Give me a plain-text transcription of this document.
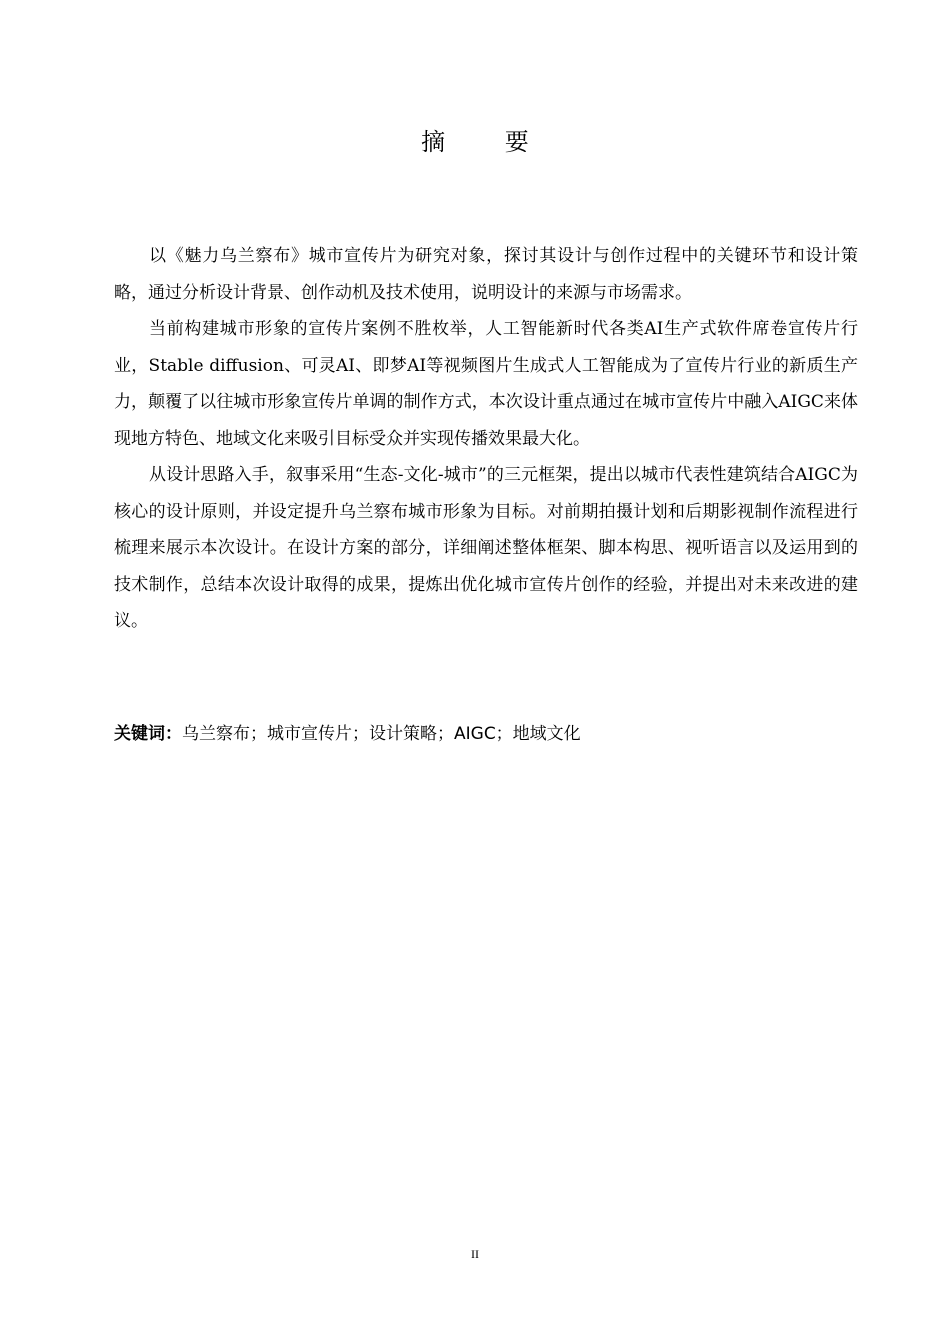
摘 要

以《魅力乌兰察布》城市宣传片为研究对象，探讨其设计与创作过程中的关键环节和设计策略，通过分析设计背景、创作动机及技术使用，说明设计的来源与市场需求。

当前构建城市形象的宣传片案例不胜枚举，人工智能新时代各类AI生产式软件席卷宣传片行业，Stable diffusion、可灵AI、即梦AI等视频图片生成式人工智能成为了宣传片行业的新质生产力，颠覆了以往城市形象宣传片单调的制作方式，本次设计重点通过在城市宣传片中融入AIGC来体现地方特色、地域文化来吸引目标受众并实现传播效果最大化。

从设计思路入手，叙事采用“生态-文化-城市”的三元框架，提出以城市代表性建筑结合AIGC为核心的设计原则，并设定提升乌兰察布城市形象为目标。对前期拍摄计划和后期影视制作流程进行梳理来展示本次设计。在设计方案的部分，详细阐述整体框架、脚本构思、视听语言以及运用到的技术制作，总结本次设计取得的成果，提炼出优化城市宣传片创作的经验，并提出对未来改进的建议。

关键词：乌兰察布；城市宣传片；设计策略；AIGC；地域文化
II
